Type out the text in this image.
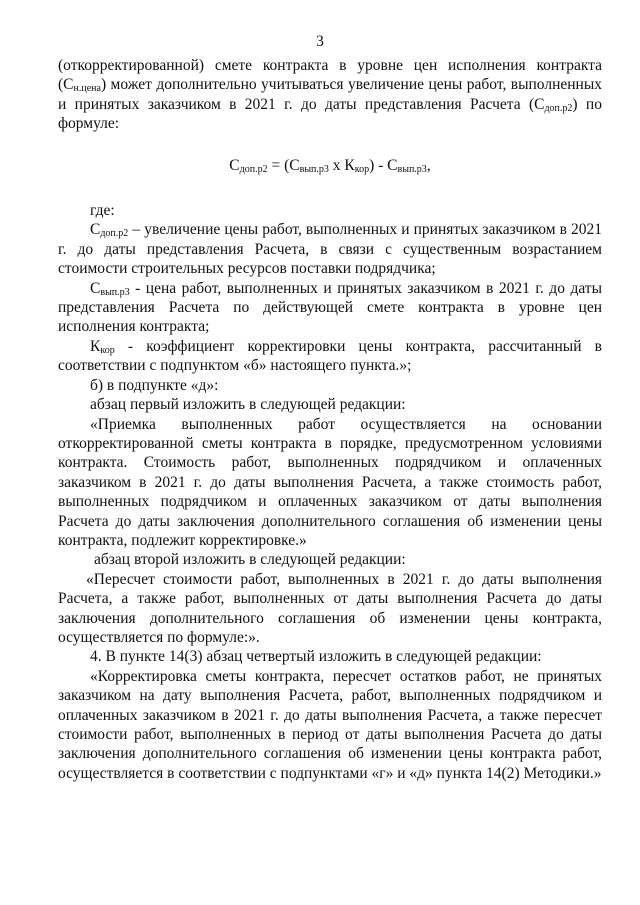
3

(откорректированной) смете контракта в уровне цен исполнения контракта $(С_{н.цена})$ может дополнительно учитываться увеличение цены работ, выполненных и принятых заказчиком в 2021 г. до даты представления Расчета $(С_{доп.р2})$ по формуле:

$С_{доп.р2} = (С_{вып.р3}$ х $К_{кор}) - С_{вып.р3}$,

где:

$С_{доп.р2}$ – увеличение цены работ, выполненных и принятых заказчиком в 2021 г. до даты представления Расчета, в связи с существенным возрастанием стоимости строительных ресурсов поставки подрядчика;

$С_{вып.р3}$ - цена работ, выполненных и принятых заказчиком в 2021 г. до даты представления Расчета по действующей смете контракта в уровне цен исполнения контракта;

$К_{кор}$ - коэффициент корректировки цены контракта, рассчитанный в соответствии с подпунктом «б» настоящего пункта.»;

б) в подпункте «д»:

абзац первый изложить в следующей редакции:

«Приемка выполненных работ осуществляется на основании откорректированной сметы контракта в порядке, предусмотренном условиями контракта. Стоимость работ, выполненных подрядчиком и оплаченных заказчиком в 2021 г. до даты выполнения Расчета, а также стоимость работ, выполненных подрядчиком и оплаченных заказчиком от даты выполнения Расчета до даты заключения дополнительного соглашения об изменении цены контракта, подлежит корректировке.»

абзац второй изложить в следующей редакции:

«Пересчет стоимости работ, выполненных в 2021 г. до даты выполнения Расчета, а также работ, выполненных от даты выполнения Расчета до даты заключения дополнительного соглашения об изменении цены контракта, осуществляется по формуле:».

4. В пункте 14(3) абзац четвертый изложить в следующей редакции:

«Корректировка сметы контракта, пересчет остатков работ, не принятых заказчиком на дату выполнения Расчета, работ, выполненных подрядчиком и оплаченных заказчиком в 2021 г. до даты выполнения Расчета, а также пересчет стоимости работ, выполненных в период от даты выполнения Расчета до даты заключения дополнительного соглашения об изменении цены контракта работ, осуществляется в соответствии с подпунктами «г» и «д» пункта 14(2) Методики.»
